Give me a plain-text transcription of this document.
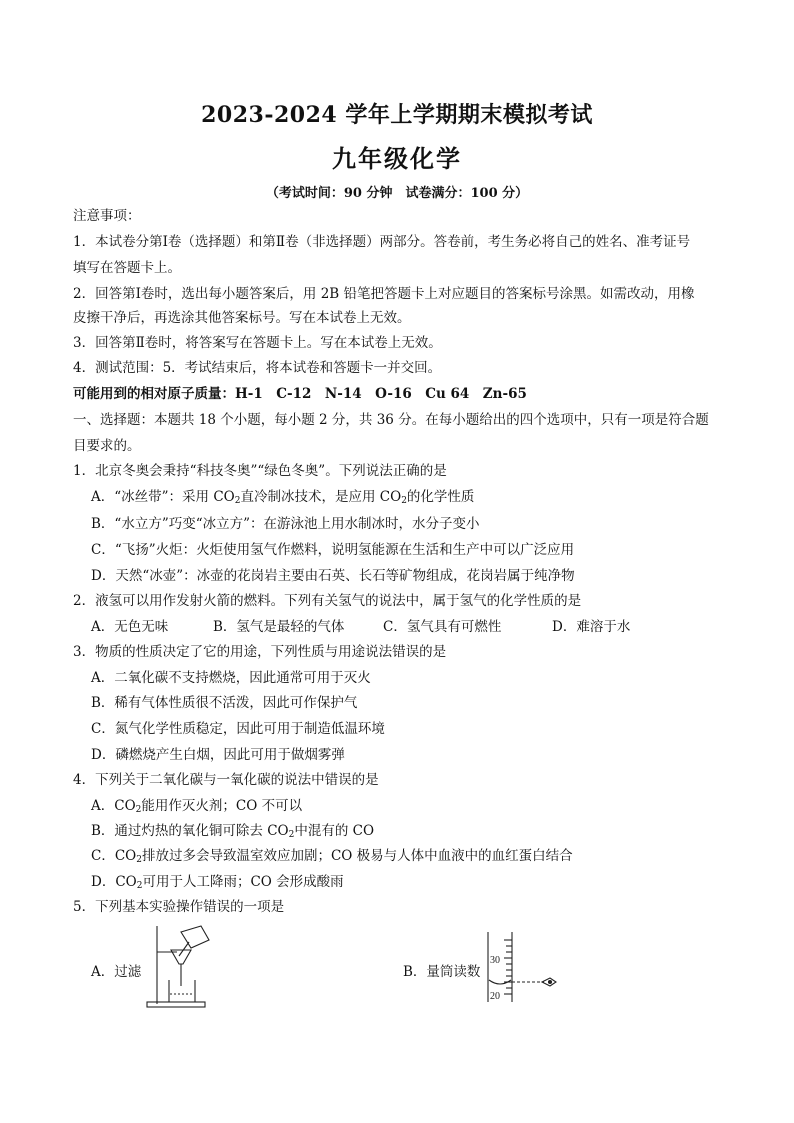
2023-2024 学年上学期期末模拟考试
九年级化学
（考试时间：90 分钟　试卷满分：100 分）
注意事项：
1．本试卷分第Ⅰ卷（选择题）和第Ⅱ卷（非选择题）两部分。答卷前，考生务必将自己的姓名、准考证号
填写在答题卡上。
2．回答第Ⅰ卷时，选出每小题答案后，用 2B 铅笔把答题卡上对应题目的答案标号涂黑。如需改动，用橡
皮擦干净后，再选涂其他答案标号。写在本试卷上无效。
3．回答第Ⅱ卷时，将答案写在答题卡上。写在本试卷上无效。
4．测试范围：5．考试结束后，将本试卷和答题卡一并交回。
可能用到的相对原子质量：H-1　C-12　N-14　O-16　Cu 64　Zn-65
一、选择题：本题共 18 个小题，每小题 2 分，共 36 分。在每小题给出的四个选项中，只有一项是符合题
目要求的。
1．北京冬奥会秉持“科技冬奥”“绿色冬奥”。下列说法正确的是
A．“冰丝带”：采用 $CO_2$直冷制冰技术，是应用 $CO_2$的化学性质
B．“水立方”巧变“冰立方”：在游泳池上用水制冰时，水分子变小
C．“飞扬”火炬：火炬使用氢气作燃料，说明氢能源在生活和生产中可以广泛应用
D．天然“冰壶”：冰壶的花岗岩主要由石英、长石等矿物组成，花岗岩属于纯净物
2．液氢可以用作发射火箭的燃料。下列有关氢气的说法中，属于氢气的化学性质的是
A．无色无味	B．氢气是最轻的气体	C．氢气具有可燃性	D．难溶于水
3．物质的性质决定了它的用途，下列性质与用途说法错误的是
A．二氧化碳不支持燃烧，因此通常可用于灭火
B．稀有气体性质很不活泼，因此可作保护气
C．氮气化学性质稳定，因此可用于制造低温环境
D．磷燃烧产生白烟，因此可用于做烟雾弹
4．下列关于二氧化碳与一氧化碳的说法中错误的是
A．$CO_2$能用作灭火剂；CO 不可以
B．通过灼热的氧化铜可除去 $CO_2$中混有的 CO
C．$CO_2$排放过多会导致温室效应加剧；CO 极易与人体中血液中的血红蛋白结合
D．$CO_2$可用于人工降雨；CO 会形成酸雨
5．下列基本实验操作错误的一项是
A．过滤	B．量筒读数
30
20
